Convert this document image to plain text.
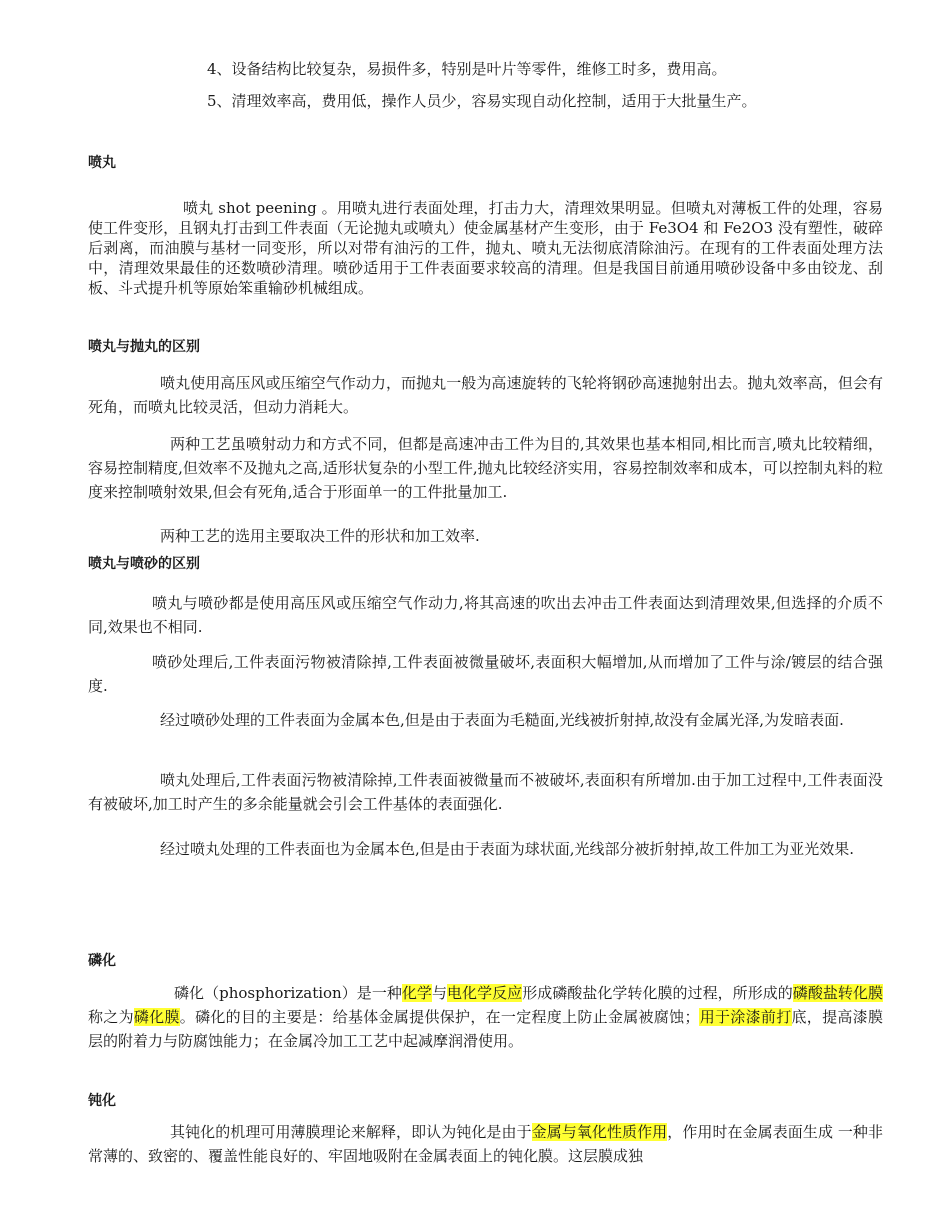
4、设备结构比较复杂，易损件多，特别是叶片等零件，维修工时多，费用高。

5、清理效率高，费用低，操作人员少，容易实现自动化控制，适用于大批量生产。

喷丸

喷丸 shot peening 。用喷丸进行表面处理，打击力大，清理效果明显。但喷丸对薄板工件的处理，容易使工件变形，且钢丸打击到工件表面（无论抛丸或喷丸）使金属基材产生变形，由于 Fe3O4 和 Fe2O3 没有塑性，破碎后剥离，而油膜与基材一同变形，所以对带有油污的工件，抛丸、喷丸无法彻底清除油污。在现有的工件表面处理方法中，清理效果最佳的还数喷砂清理。喷砂适用于工件表面要求较高的清理。但是我国目前通用喷砂设备中多由铰龙、刮板、斗式提升机等原始笨重输砂机械组成。

喷丸与抛丸的区别

喷丸使用高压风或压缩空气作动力，而抛丸一般为高速旋转的飞轮将钢砂高速抛射出去。抛丸效率高，但会有死角，而喷丸比较灵活，但动力消耗大。

两种工艺虽喷射动力和方式不同，但都是高速冲击工件为目的,其效果也基本相同,相比而言,喷丸比较精细，容易控制精度,但效率不及抛丸之高,适形状复杂的小型工件,抛丸比较经济实用，容易控制效率和成本，可以控制丸料的粒度来控制喷射效果,但会有死角,适合于形面单一的工件批量加工.

两种工艺的选用主要取决工件的形状和加工效率.

喷丸与喷砂的区别

喷丸与喷砂都是使用高压风或压缩空气作动力,将其高速的吹出去冲击工件表面达到清理效果,但选择的介质不同,效果也不相同.

喷砂处理后,工件表面污物被清除掉,工件表面被微量破坏,表面积大幅增加,从而增加了工件与涂/镀层的结合强度.

经过喷砂处理的工件表面为金属本色,但是由于表面为毛糙面,光线被折射掉,故没有金属光泽,为发暗表面.

喷丸处理后,工件表面污物被清除掉,工件表面被微量而不被破坏,表面积有所增加.由于加工过程中,工件表面没有被破坏,加工时产生的多余能量就会引会工件基体的表面强化.

经过喷丸处理的工件表面也为金属本色,但是由于表面为球状面,光线部分被折射掉,故工件加工为亚光效果.

磷化

磷化（phosphorization）是一种化学与电化学反应形成磷酸盐化学转化膜的过程，所形成的磷酸盐转化膜称之为磷化膜。磷化的目的主要是：给基体金属提供保护，在一定程度上防止金属被腐蚀；用于涂漆前打底，提高漆膜层的附着力与防腐蚀能力；在金属冷加工工艺中起减摩润滑使用。

钝化

其钝化的机理可用薄膜理论来解释，即认为钝化是由于金属与氧化性质作用，作用时在金属表面生成 一种非常薄的、致密的、覆盖性能良好的、牢固地吸附在金属表面上的钝化膜。这层膜成独
